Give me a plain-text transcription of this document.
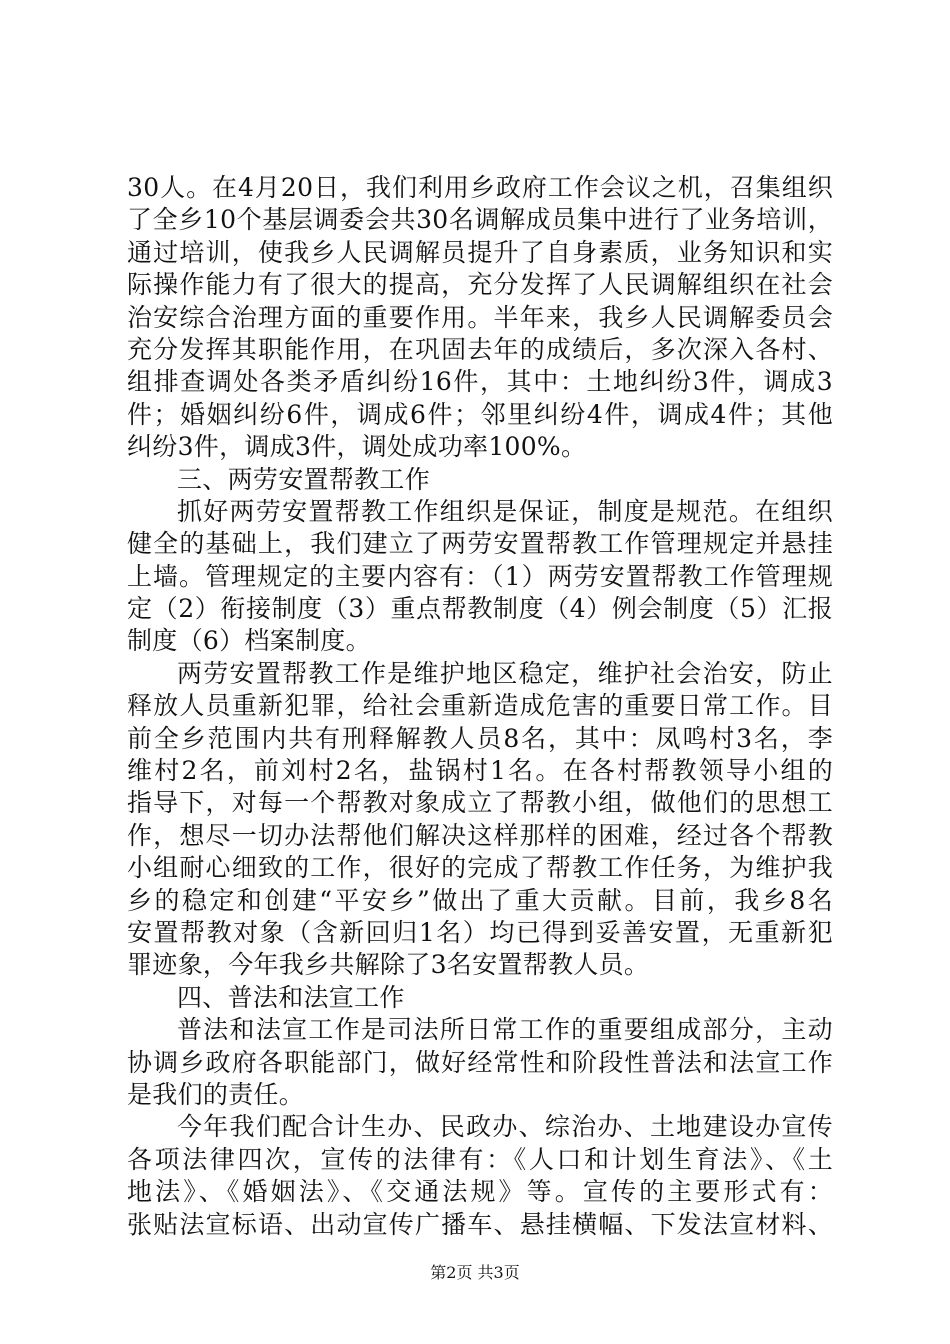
30人。在4月20日，我们利用乡政府工作会议之机，召集组织
了全乡10个基层调委会共30名调解成员集中进行了业务培训，
通过培训，使我乡人民调解员提升了自身素质，业务知识和实
际操作能力有了很大的提高，充分发挥了人民调解组织在社会
治安综合治理方面的重要作用。半年来，我乡人民调解委员会
充分发挥其职能作用，在巩固去年的成绩后，多次深入各村、
组排查调处各类矛盾纠纷16件，其中：土地纠纷3件，调成3
件；婚姻纠纷6件，调成6件；邻里纠纷4件，调成4件；其他
纠纷3件，调成3件，调处成功率100%。
三、两劳安置帮教工作
抓好两劳安置帮教工作组织是保证，制度是规范。在组织
健全的基础上，我们建立了两劳安置帮教工作管理规定并悬挂
上墙。管理规定的主要内容有：（1）两劳安置帮教工作管理规
定（2）衔接制度（3）重点帮教制度（4）例会制度（5）汇报
制度（6）档案制度。
两劳安置帮教工作是维护地区稳定，维护社会治安，防止
释放人员重新犯罪，给社会重新造成危害的重要日常工作。目
前全乡范围内共有刑释解教人员8名，其中：凤鸣村3名，李
维村2名，前刘村2名，盐锅村1名。在各村帮教领导小组的
指导下，对每一个帮教对象成立了帮教小组，做他们的思想工
作，想尽一切办法帮他们解决这样那样的困难，经过各个帮教
小组耐心细致的工作，很好的完成了帮教工作任务，为维护我
乡的稳定和创建“平安乡”做出了重大贡献。目前，我乡8名
安置帮教对象（含新回归1名）均已得到妥善安置，无重新犯
罪迹象，今年我乡共解除了3名安置帮教人员。
四、普法和法宣工作
普法和法宣工作是司法所日常工作的重要组成部分，主动
协调乡政府各职能部门，做好经常性和阶段性普法和法宣工作
是我们的责任。
今年我们配合计生办、民政办、综治办、土地建设办宣传
各项法律四次，宣传的法律有：《人口和计划生育法》、《土
地法》、《婚姻法》、《交通法规》等。宣传的主要形式有：
张贴法宣标语、出动宣传广播车、悬挂横幅、下发法宣材料、
第2页 共3页
